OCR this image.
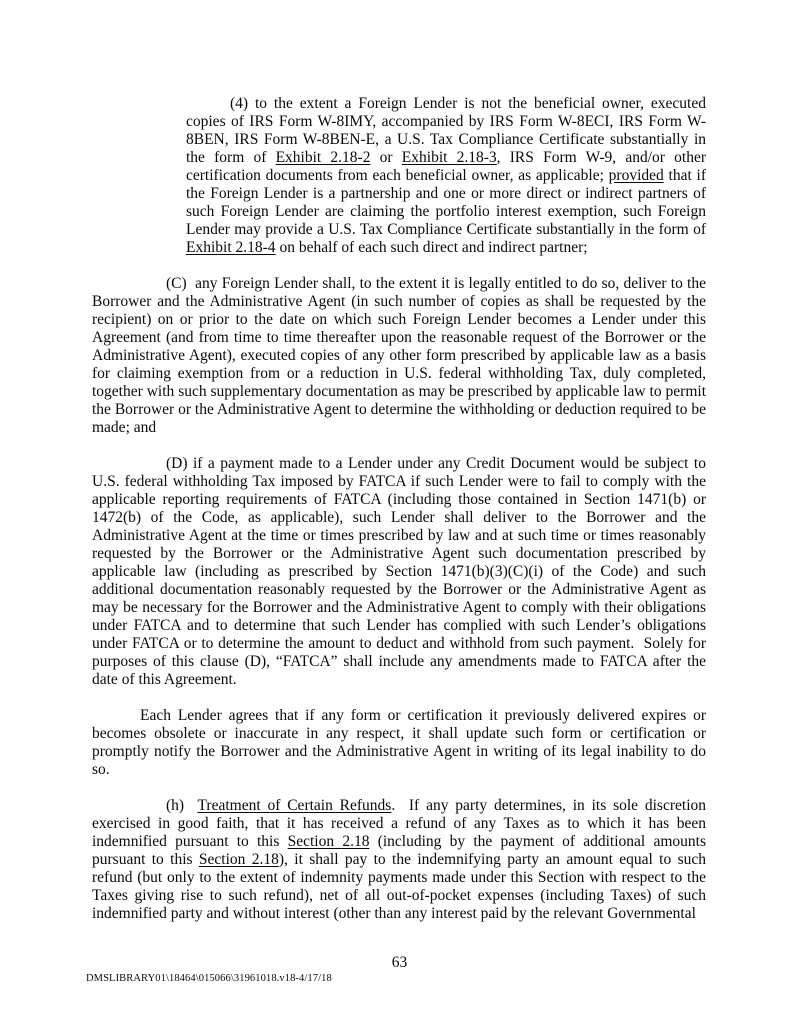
(4) to the extent a Foreign Lender is not the beneficial owner, executed copies of IRS Form W-8IMY, accompanied by IRS Form W-8ECI, IRS Form W-8BEN, IRS Form W-8BEN-E, a U.S. Tax Compliance Certificate substantially in the form of Exhibit 2.18-2 or Exhibit 2.18-3, IRS Form W-9, and/or other certification documents from each beneficial owner, as applicable; provided that if the Foreign Lender is a partnership and one or more direct or indirect partners of such Foreign Lender are claiming the portfolio interest exemption, such Foreign Lender may provide a U.S. Tax Compliance Certificate substantially in the form of Exhibit 2.18-4 on behalf of each such direct and indirect partner;

(C)  any Foreign Lender shall, to the extent it is legally entitled to do so, deliver to the Borrower and the Administrative Agent (in such number of copies as shall be requested by the recipient) on or prior to the date on which such Foreign Lender becomes a Lender under this Agreement (and from time to time thereafter upon the reasonable request of the Borrower or the Administrative Agent), executed copies of any other form prescribed by applicable law as a basis for claiming exemption from or a reduction in U.S. federal withholding Tax, duly completed, together with such supplementary documentation as may be prescribed by applicable law to permit the Borrower or the Administrative Agent to determine the withholding or deduction required to be made; and

(D) if a payment made to a Lender under any Credit Document would be subject to U.S. federal withholding Tax imposed by FATCA if such Lender were to fail to comply with the applicable reporting requirements of FATCA (including those contained in Section 1471(b) or 1472(b) of the Code, as applicable), such Lender shall deliver to the Borrower and the Administrative Agent at the time or times prescribed by law and at such time or times reasonably requested by the Borrower or the Administrative Agent such documentation prescribed by applicable law (including as prescribed by Section 1471(b)(3)(C)(i) of the Code) and such additional documentation reasonably requested by the Borrower or the Administrative Agent as may be necessary for the Borrower and the Administrative Agent to comply with their obligations under FATCA and to determine that such Lender has complied with such Lender’s obligations under FATCA or to determine the amount to deduct and withhold from such payment.  Solely for purposes of this clause (D), “FATCA” shall include any amendments made to FATCA after the date of this Agreement.

Each Lender agrees that if any form or certification it previously delivered expires or becomes obsolete or inaccurate in any respect, it shall update such form or certification or promptly notify the Borrower and the Administrative Agent in writing of its legal inability to do so.

(h)  Treatment of Certain Refunds.  If any party determines, in its sole discretion exercised in good faith, that it has received a refund of any Taxes as to which it has been indemnified pursuant to this Section 2.18 (including by the payment of additional amounts pursuant to this Section 2.18), it shall pay to the indemnifying party an amount equal to such refund (but only to the extent of indemnity payments made under this Section with respect to the Taxes giving rise to such refund), net of all out-of-pocket expenses (including Taxes) of such indemnified party and without interest (other than any interest paid by the relevant Governmental

63
DMSLIBRARY01\18464\015066\31961018.v18-4/17/18
